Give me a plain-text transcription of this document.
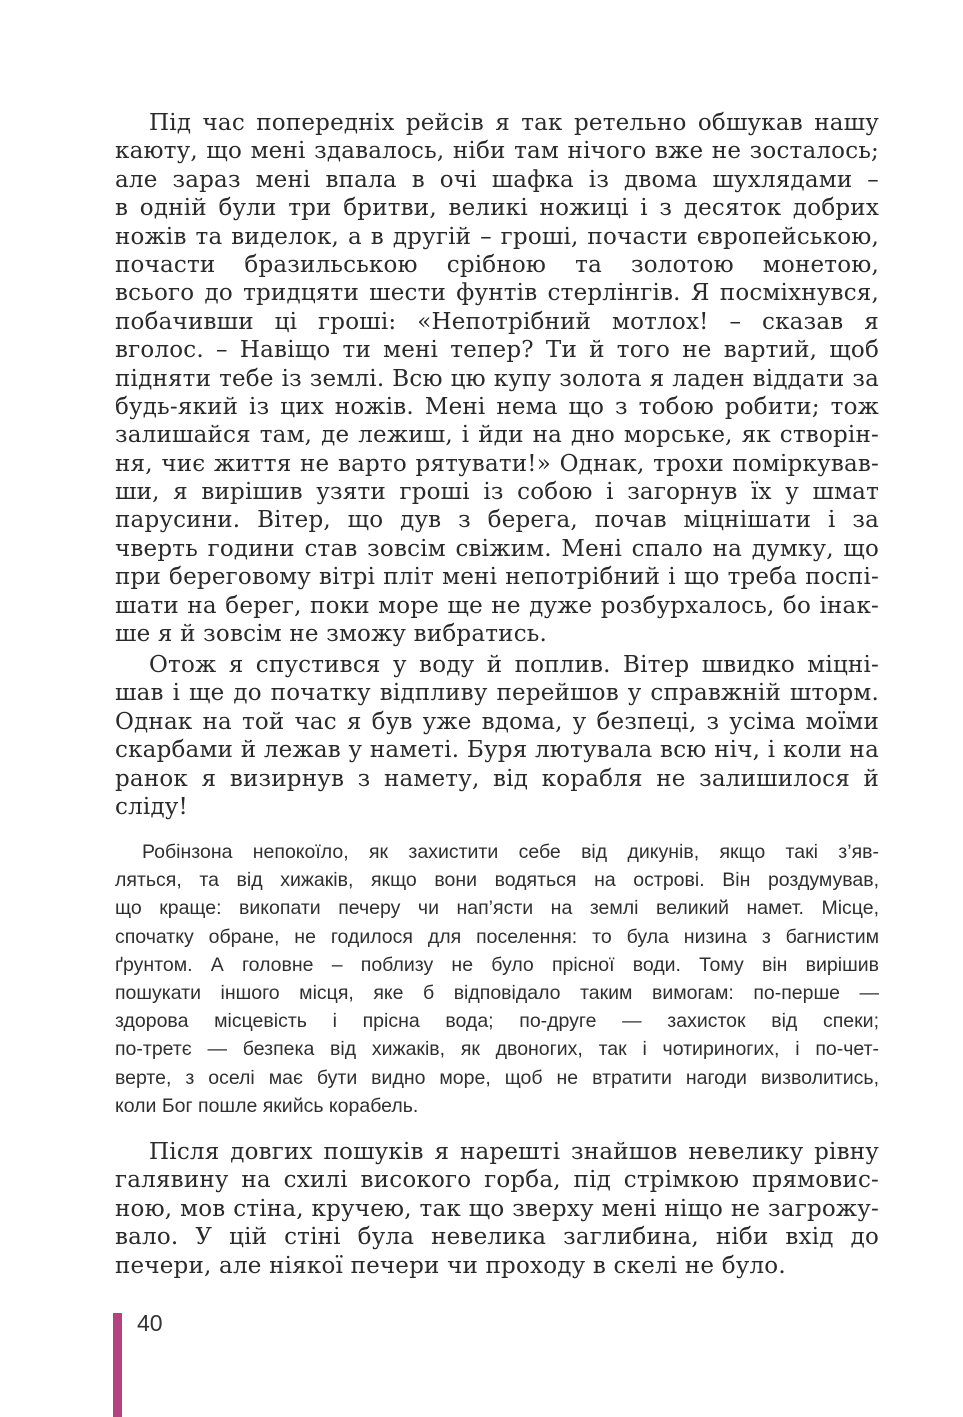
Під час попередніх рейсів я так ретельно обшукав нашу
каюту, що мені здавалось, ніби там нічого вже не зосталось;
але зараз мені впала в очі шафка із двома шухлядами –
в одній були три бритви, великі ножиці і з десяток добрих
ножів та виделок, а в другій – гроші, почасти європейською,
почасти бразильською срібною та золотою монетою,
всього до тридцяти шести фунтів стерлінгів. Я посміхнувся,
побачивши ці гроші: «Непотрібний мотлох! – сказав я
вголос. – Навіщо ти мені тепер? Ти й того не вартий, щоб
підняти тебе із землі. Всю цю купу золота я ладен віддати за
будь-який із цих ножів. Мені нема що з тобою робити; тож
залишайся там, де лежиш, і йди на дно морське, як створін-
ня, чиє життя не варто рятувати!» Однак, трохи поміркував-
ши, я вирішив узяти гроші із собою і загорнув їх у шмат
парусини. Вітер, що дув з берега, почав міцнішати і за
чверть години став зовсім свіжим. Мені спало на думку, що
при береговому вітрі пліт мені непотрібний і що треба поспі-
шати на берег, поки море ще не дуже розбурхалось, бо інак-
ше я й зовсім не зможу вибратись.
Отож я спустився у воду й поплив. Вітер швидко міцні-
шав і ще до початку відпливу перейшов у справжній шторм.
Однак на той час я був уже вдома, у безпеці, з усіма моїми
скарбами й лежав у наметі. Буря лютувала всю ніч, і коли на
ранок я визирнув з намету, від корабля не залишилося й
сліду!
Робінзона непокоїло, як захистити себе від дикунів, якщо такі з’яв-
ляться, та від хижаків, якщо вони водяться на острові. Він роздумував,
що краще: викопати печеру чи нап’ясти на землі великий намет. Місце,
спочатку обране, не годилося для поселення: то була низина з багнистим
ґрунтом. А головне – поблизу не було прісної води. Тому він вирішив
пошукати іншого місця, яке б відповідало таким вимогам: по-перше —
здорова місцевість і прісна вода; по-друге — захисток від спеки;
по-третє — безпека від хижаків, як двоногих, так і чотириногих, і по-чет-
верте, з оселі має бути видно море, щоб не втратити нагоди визволитись,
коли Бог пошле якийсь корабель.
Після довгих пошуків я нарешті знайшов невелику рівну
галявину на схилі високого горба, під стрімкою прямовис-
ною, мов стіна, кручею, так що зверху мені ніщо не загрожу-
вало. У цій стіні була невелика заглибина, ніби вхід до
печери, але ніякої печери чи проходу в скелі не було.
40
